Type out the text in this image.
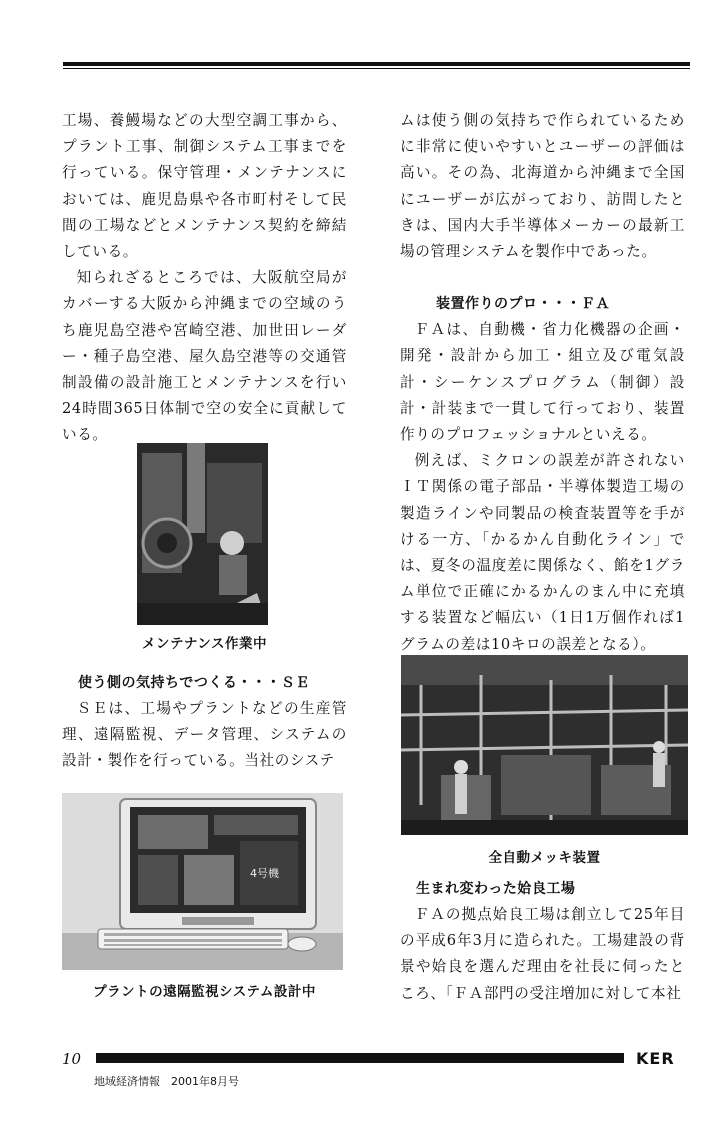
工場、養鰻場などの大型空調工事から、プラント工事、制御システム工事までを行っている。保守管理・メンテナンスにおいては、鹿児島県や各市町村そして民間の工場などとメンテナンス契約を締結している。

知られざるところでは、大阪航空局がカバーする大阪から沖縄までの空域のうち鹿児島空港や宮崎空港、加世田レーダー・種子島空港、屋久島空港等の交通管制設備の設計施工とメンテナンスを行い24時間365日体制で空の安全に貢献している。

メンテナンス作業中

使う側の気持ちでつくる・・・ＳＥ

ＳＥは、工場やプラントなどの生産管理、遠隔監視、データ管理、システムの設計・製作を行っている。当社のシステ

4号機
プラントの遠隔監視システム設計中

ムは使う側の気持ちで作られているために非常に使いやすいとユーザーの評価は高い。その為、北海道から沖縄まで全国にユーザーが広がっており、訪問したときは、国内大手半導体メーカーの最新工場の管理システムを製作中であった。

装置作りのプロ・・・ＦＡ

ＦＡは、自動機・省力化機器の企画・開発・設計から加工・組立及び電気設計・シーケンスプログラム（制御）設計・計装まで一貫して行っており、装置作りのプロフェッショナルといえる。

例えば、ミクロンの誤差が許されないＩＴ関係の電子部品・半導体製造工場の製造ラインや同製品の検査装置等を手がける一方、「かるかん自動化ライン」では、夏冬の温度差に関係なく、餡を1グラム単位で正確にかるかんのまん中に充填する装置など幅広い（1日1万個作れば1グラムの差は10キロの誤差となる）。

全自動メッキ装置

生まれ変わった姶良工場

ＦＡの拠点姶良工場は創立して25年目の平成6年3月に造られた。工場建設の背景や姶良を選んだ理由を社長に伺ったところ、「ＦＡ部門の受注増加に対して本社

10	KER
地域経済情報　2001年8月号
